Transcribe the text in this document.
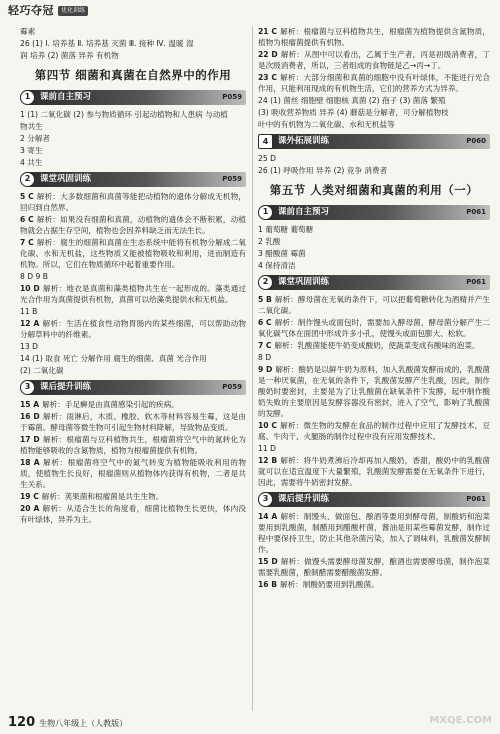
轻巧夺冠	优化训练
霉素
26 (1) Ⅰ. 培养基 Ⅱ. 培养基 灭菌 Ⅲ. 接种 Ⅳ. 温暖 湿
润 培养 (2) 菌落 异养 有机物
第四节 细菌和真菌在自然界中的作用
1	课前自主预习	P059
1 (1) 二氧化碳 (2) 参与物质循环 引起动植物和人患病 与动植
物共生
2 分解者
3 寄生
4 共生
2	课堂巩固训练	P059
5 C 解析：大多数细菌和真菌等能把动植物的遗体分解成无机物，回归到自然界。
6 C 解析：如果没有细菌和真菌，动植物的遗体会不断积累，动植物就会占据生存空间，植物也会因养料缺乏而无法生长。
7 C 解析：腐生的细菌和真菌在生态系统中能将有机物分解成二氧化碳、水和无机盐，这些物质又能被植物吸收和利用，进而制造有机物。所以，它们在物质循环中起着重要作用。
8 D 9 B
10 D 解析：地衣是真菌和藻类植物共生在一起形成的。藻类通过光合作用为真菌提供有机物，真菌可以给藻类提供水和无机盐。
11 B
12 A 解析：生活在植食性动物胃肠内的某些细菌，可以帮助动物分解草料中的纤维素。
13 D
14 (1) 取食 死亡 分解作用 腐生的细菌、真菌 光合作用
(2) 二氧化碳
3	课后提升训练	P059
15 A 解析：手足癣是由真菌感染引起的疾病。
16 D 解析：雨淋后，木质、橡胶、软木等材料容易生霉，这是由于霉菌、酵母菌等微生物可引起生物材料降解，导致物品变质。
17 D 解析：根瘤菌与豆科植物共生，根瘤菌将空气中的氮转化为植物能够吸收的含氮物质，植物为根瘤菌提供有机物。
18 A 解析：根瘤菌将空气中的氮气转变为植物能吸收利用的物质，使植物生长良好，根瘤菌则从植物体内获得有机物，二者是共生关系。
19 C 解析：荚果菌和根瘤菌是共生生物。
20 A 解析：从适合生长的角度看，细菌比植物生长更快，体内没有叶绿体，异养为主。
21 C 解析：根瘤菌与豆科植物共生，根瘤菌为植物提供含氮物质，植物为根瘤菌提供有机物。
22 D 解析：从图中可以看出，乙属于生产者，丙是初级消费者，丁是次级消费者，所以，三者组成的食物链是乙→丙→丁。
23 C 解析：大部分细菌和真菌的细胞中没有叶绿体，不能进行光合作用，只能利用现成的有机物生活，它们的营养方式为异养。
24 (1) 菌丝 细胞壁 细胞核 真菌 (2) 孢子 (3) 菌落 繁殖
(3) 吸收营养物质 异养 (4) 蘑菇是分解者，可分解植物枝
叶中的有机物为二氧化碳、水和无机盐等
4	课外拓展训练	P060
25 D
26 (1) 呼吸作用 异养 (2) 竞争 消费者
第五节 人类对细菌和真菌的利用（一）
1	课前自主预习	P061
1 葡萄糖 葡萄糖
2 乳酸
3 醋酸菌 霉菌
4 保持清洁
2	课堂巩固训练	P061
5 B 解析：酵母菌在无氧的条件下，可以把葡萄糖转化为酒精并产生二氧化碳。
6 C 解析：制作馒头或面包时，需要加入酵母菌，酵母菌分解产生二氧化碳气体在面团中形成许多小孔，使馒头或面包膨大、松软。
7 C 解析：乳酸菌能使牛奶变成酸奶，使蔬菜变成有酸味的泡菜。
8 D
9 D 解析：酸奶是以鲜牛奶为原料，加入乳酸菌发酵而成的，乳酸菌是一种厌氧菌，在无氧的条件下，乳酸菌发酵产生乳酸，因此，制作酸奶时要密封，主要是为了让乳酸菌在缺氧条件下发酵，起中制作酸奶失败的主要原因是发酵容器没有密封，进入了空气，影响了乳酸菌的发酵。
10 C 解析：微生物的发酵在食品的制作过程中应用了发酵技术，豆腐、牛肉干、火腿肠的制作过程中没有应用发酵技术。
11 D
12 B 解析：将牛奶煮沸后冷却再加入酸奶，香甜，酸奶中的乳酸菌就可以在适宜温度下大量繁殖，乳酸菌发酵需要在无氧条件下进行，因此，需要将牛奶密封发酵。
3	课后提升训练	P061
14 A 解析：制馒头、做面包、酿酒等要用到酵母菌，制酸奶和泡菜要用到乳酸菌，制醋用到醋酸杆菌，酱油是用某些霉菌发酵，制作过程中要保持卫生，防止其他杂菌污染，加入了调味料，乳酸菌发酵制作。
15 D 解析：做馒头需要酵母菌发酵，酿酒也需要酵母菌，制作泡菜需要乳酸菌，酿制醋需要醋酸菌发酵。
16 B 解析：制酸奶要用到乳酸菌。
120 生物八年级上（人教版）	MXQE.COM
